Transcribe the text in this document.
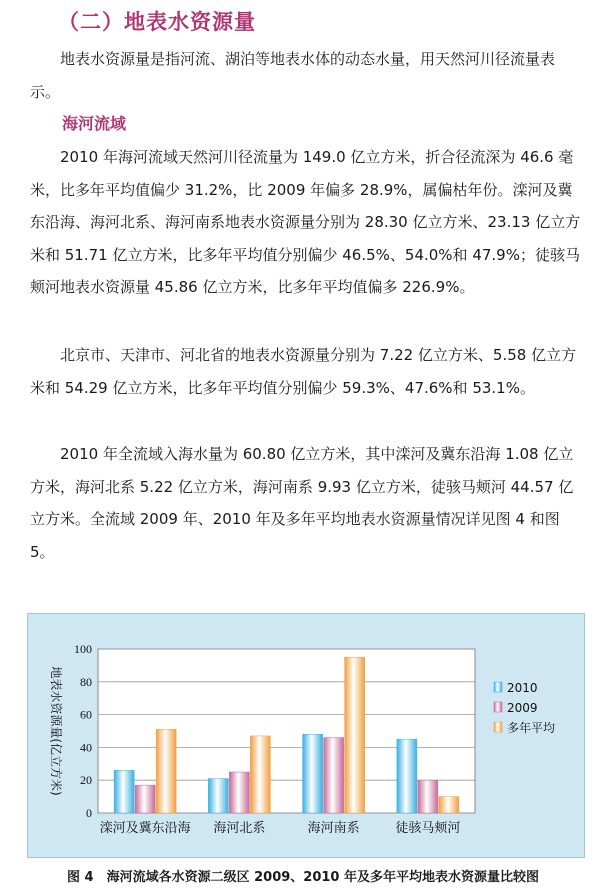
（二）地表水资源量

地表水资源量是指河流、湖泊等地表水体的动态水量，用天然河川径流量表示。

海河流域

2010 年海河流域天然河川径流量为 149.0 亿立方米，折合径流深为 46.6 毫米，比多年平均值偏少 31.2%，比 2009 年偏多 28.9%，属偏枯年份。滦河及冀东沿海、海河北系、海河南系地表水资源量分别为 28.30 亿立方米、23.13 亿立方米和 51.71 亿立方米，比多年平均值分别偏少 46.5%、54.0%和 47.9%；徒骇马颊河地表水资源量 45.86 亿立方米，比多年平均值偏多 226.9%。

北京市、天津市、河北省的地表水资源量分别为 7.22 亿立方米、5.58 亿立方米和 54.29 亿立方米，比多年平均值分别偏少 59.3%、47.6%和 53.1%。

2010 年全流域入海水量为 60.80 亿立方米，其中滦河及冀东沿海 1.08 亿立方米，海河北系 5.22 亿立方米，海河南系 9.93 亿立方米，徒骇马颊河 44.57 亿立方米。全流域 2009 年、2010 年及多年平均地表水资源量情况详见图 4 和图 5。

0
20
40
60
80
100
滦河及冀东沿海 海河北系	海河南系	徒骇马颊河
地表水资源量(亿立方米)	2010
2009
多年平均
图 4　海河流域各水资源二级区 2009、2010 年及多年平均地表水资源量比较图
